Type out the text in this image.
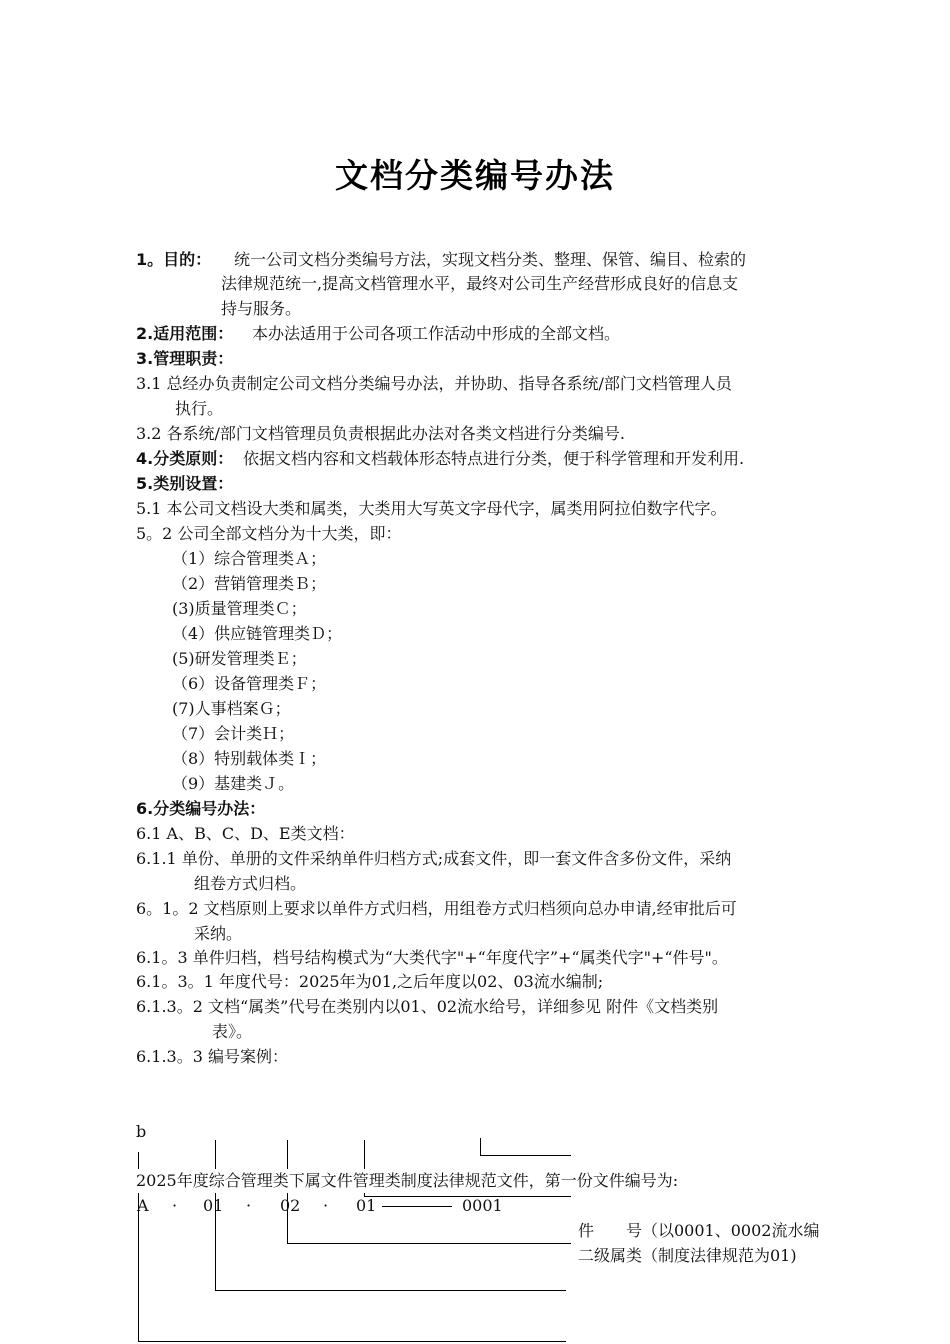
文档分类编号办法
1。目的： 统一公司文档分类编号方法，实现文档分类、整理、保管、编目、检索的
法律规范统一,提高文档管理水平，最终对公司生产经营形成良好的信息支
持与服务。
2.适用范围： 本办法适用于公司各项工作活动中形成的全部文档。
3.管理职责：
3.1 总经办负责制定公司文档分类编号办法，并协助、指导各系统/部门文档管理人员
执行。
3.2 各系统/部门文档管理员负责根据此办法对各类文档进行分类编号.
4.分类原则： 依据文档内容和文档载体形态特点进行分类，便于科学管理和开发利用.
5.类别设置：
5.1 本公司文档设大类和属类，大类用大写英文字母代字，属类用阿拉伯数字代字。
5。2 公司全部文档分为十大类，即：
（1）综合管理类Ａ；
（2）营销管理类Ｂ；
(3)质量管理类Ｃ；
（4）供应链管理类Ｄ；
(5)研发管理类Ｅ；
（6）设备管理类Ｆ；
(7)人事档案Ｇ；
（7）会计类Ｈ；
（8）特别载体类Ｉ；
（9）基建类Ｊ。
6.分类编号办法：
6.1 A、B、C、D、E类文档：
6.1.1 单份、单册的文件采纳单件归档方式;成套文件，即一套文件含多份文件，采纳
组卷方式归档。
6。1。2 文档原则上要求以单件方式归档，用组卷方式归档须向总办申请,经审批后可
采纳。
6.1。3 单件归档，档号结构模式为“大类代字"+“年度代字”+“属类代字"+“件号"。
6.1。3。1 年度代号：2025年为01,之后年度以02、03流水编制;
6.1.3。2 文档“属类”代号在类别内以01、02流水给号，详细参见 附件《文档类别
表》。
6.1.3。3 编号案例：
b
2025年度综合管理类下属文件管理类制度法律规范文件，第一份文件编号为:
A · 01 · 02 · 01	0001
件　　号（以0001、0002流水编
二级属类（制度法律规范为01)
